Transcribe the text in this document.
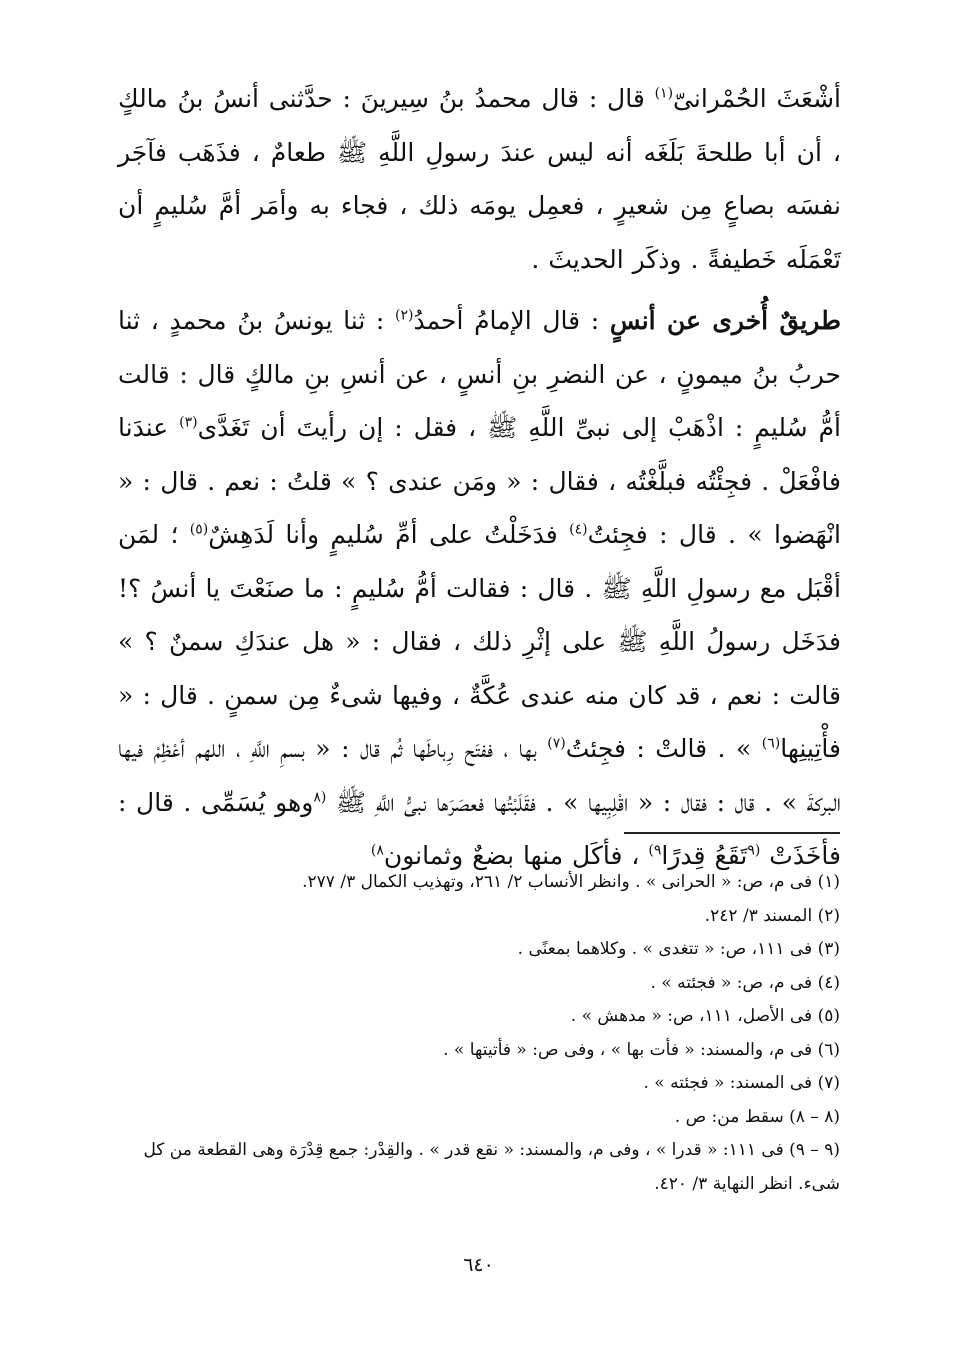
أشْعَثَ الحُمْرانىّ$^{(١)}$ قال : قال محمدُ بنُ سِيرينَ : حدَّثنى أنسُ بنُ مالكٍ ، أن أبا طلحةَ بَلَغَه أنه ليس عندَ رسولِ اللَّهِ ﷺ طعامٌ ، فذَهَب فآجَر نفسَه بصاعٍ مِن شعيرٍ ، فعمِل يومَه ذلك ، فجاء به وأمَر أمَّ سُليمٍ أن تَعْمَلَه خَطيفةً . وذكَر الحديثَ .

طريقٌ أُخرى عن أنسٍ : قال الإمامُ أحمدُ$^{(٢)}$ : ثنا يونسُ بنُ محمدٍ ، ثنا حربُ بنُ ميمونٍ ، عن النضرِ بنِ أنسٍ ، عن أنسِ بنِ مالكٍ قال : قالت أمُّ سُليمٍ : اذْهَبْ إلى نبىِّ اللَّهِ ﷺ ، فقل : إن رأيتَ أن تَغَدَّى$^{(٣)}$ عندَنا فافْعَلْ . فجِئْتُه فبلَّغْتُه ، فقال : « ومَن عندى ؟ » قلتُ : نعم . قال : « انْهَضوا » . قال : فجِئتُ$^{(٤)}$ فدَخَلْتُ على أمِّ سُليمٍ وأنا لَدَهِشٌ$^{(٥)}$ ؛ لمَن أقْبَل مع رسولِ اللَّهِ ﷺ . قال : فقالت أمُّ سُليمٍ : ما صنَعْتَ يا أنسُ ؟! فدَخَل رسولُ اللَّهِ ﷺ على إثْرِ ذلك ، فقال : « هل عندَكِ سمنٌ ؟ » قالت : نعم ، قد كان منه عندى عُكَّةٌ ، وفيها شىءٌ مِن سمنٍ . قال : « فأْتِينِها$^{(٦)}$ » . قالتْ : فجِئتُ$^{(٧)}$ بها ، ففتَح رِباطَها ثُم قال : « بسمِ اللَّهِ ، اللهم أعْظِمْ فيها البركةَ » . قال : فقال : « اقْلِبِيها » . فقَلَبْتُها فعصَرَها نبىُّ اللَّهِ ﷺ $^{(٨}$وهو يُسَمِّى . قال : فأخَذَتْ $^{(٩}$تَقَعُ قِدرًا$^{٩)}$ ، فأكَل منها بضعٌ وثمانون$^{٨)}$

(١) فى م، ص: « الحرانى » . وانظر الأنساب ٢/ ٢٦١، وتهذيب الكمال ٣/ ٢٧٧.

(٢) المسند ٣/ ٢٤٢.

(٣) فى ١١١، ص: « تتغدى » . وكلاهما بمعنًى .

(٤) فى م، ص: « فجئته » .

(٥) فى الأصل، ١١١، ص: « مدهش » .

(٦) فى م، والمسند: « فأت بها » ، وفى ص: « فأتيتها » .

(٧) فى المسند: « فجئته » .

(٨ – ٨) سقط من: ص .

(٩ – ٩) فى ١١١: « قدرا » ، وفى م، والمسند: « نقع قدر » . والقِدْر: جمع قِدْرَة وهى القطعة من كل شىء. انظر النهاية ٣/ ٤٢٠.

٦٤٠
